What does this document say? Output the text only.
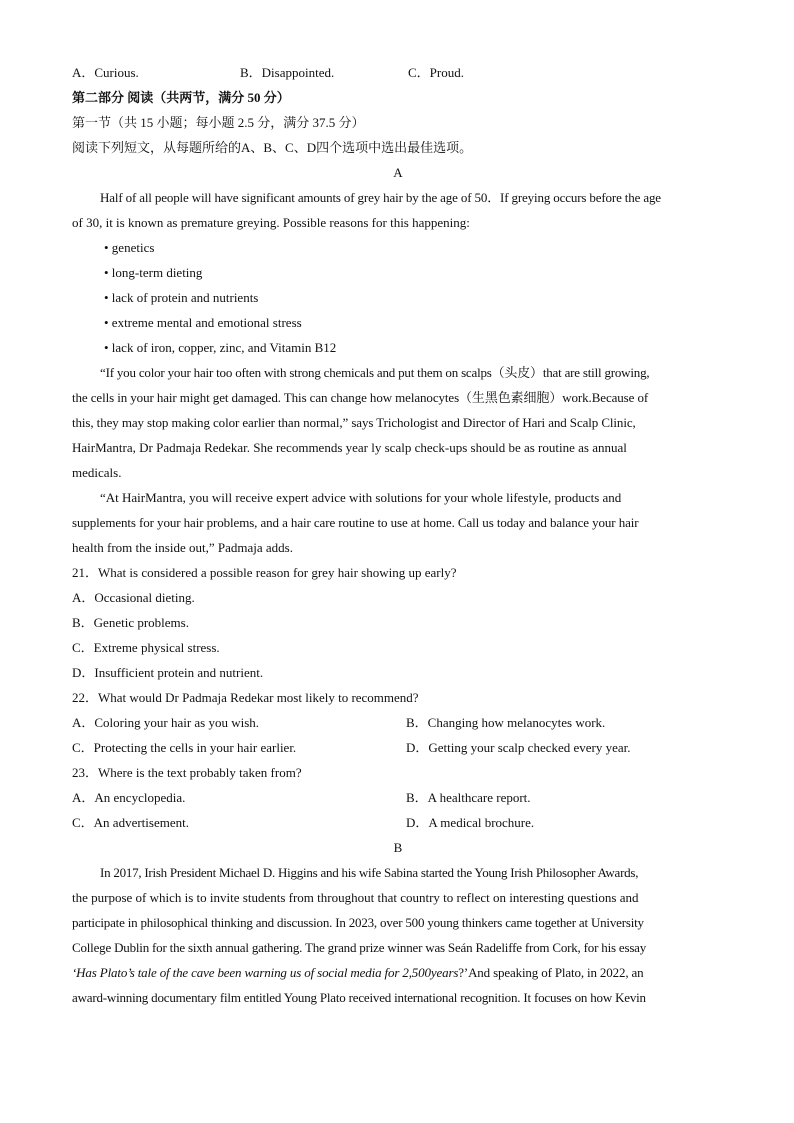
A．Curious.	B．Disappointed.	C．Proud.
第二部分 阅读（共两节，满分 50 分）
第一节（共 15 小题；每小题 2.5 分，满分 37.5 分）
阅读下列短文，从每题所给的A、B、C、D四个选项中选出最佳选项。
A
Half of all people will have significant amounts of grey hair by the age of 50．If greying occurs before the age
of 30, it is known as premature greying. Possible reasons for this happening:
• genetics
• long-term dieting
• lack of protein and nutrients
• extreme mental and emotional stress
• lack of iron, copper, zinc, and Vitamin B12
“If you color your hair too often with strong chemicals and put them on scalps（头皮）that are still growing,
the cells in your hair might get damaged. This can change how melanocytes（生黑色素细胞）work.Because of
this, they may stop making color earlier than normal,” says Trichologist and Director of Hari and Scalp Clinic,
HairMantra, Dr Padmaja Redekar. She recommends year ly scalp check-ups should be as routine as annual
medicals.
“At HairMantra, you will receive expert advice with solutions for your whole lifestyle, products and
supplements for your hair problems, and a hair care routine to use at home. Call us today and balance your hair
health from the inside out,” Padmaja adds.
21．What is considered a possible reason for grey hair showing up early?
A．Occasional dieting.
B．Genetic problems.
C．Extreme physical stress.
D．Insufficient protein and nutrient.
22．What would Dr Padmaja Redekar most likely to recommend?
A．Coloring your hair as you wish.	B．Changing how melanocytes work.
C．Protecting the cells in your hair earlier.	D．Getting your scalp checked every year.
23．Where is the text probably taken from?
A．An encyclopedia.	B．A healthcare report.
C．An advertisement.	D．A medical brochure.
B
In 2017, Irish President Michael D. Higgins and his wife Sabina started the Young Irish Philosopher Awards,
the purpose of which is to invite students from throughout that country to reflect on interesting questions and
participate in philosophical thinking and discussion. In 2023, over 500 young thinkers came together at University
College Dublin for the sixth annual gathering. The grand prize winner was Seán Radeliffe from Cork, for his essay
‘Has Plato’s tale of the cave been warning us of social media for 2,500years?’And speaking of Plato, in 2022, an
award-winning documentary film entitled Young Plato received international recognition. It focuses on how Kevin
